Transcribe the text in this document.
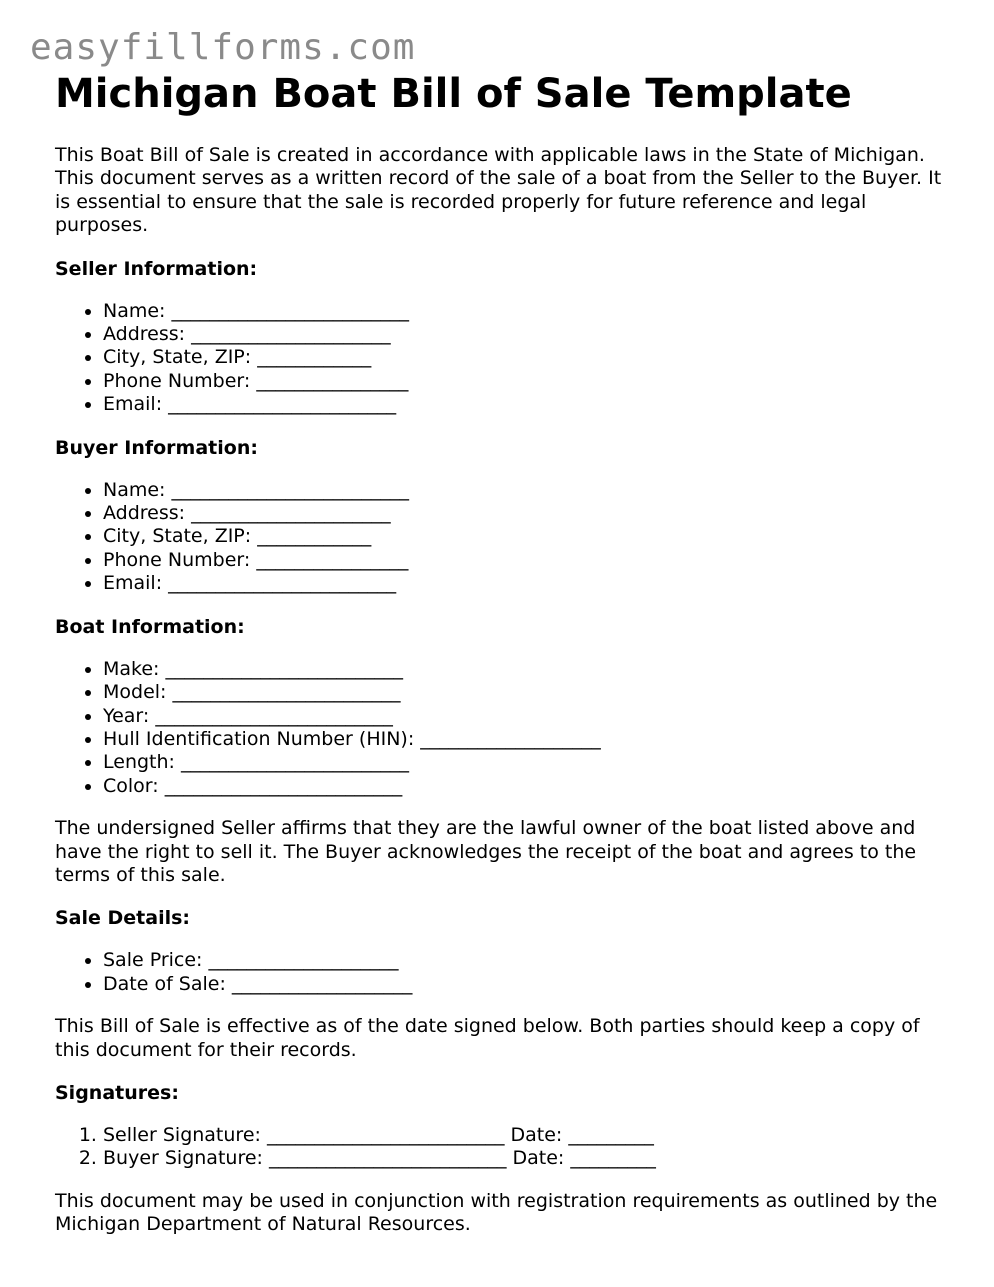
easyfillforms.com
Michigan Boat Bill of Sale Template

This Boat Bill of Sale is created in accordance with applicable laws in the State of Michigan. This document serves as a written record of the sale of a boat from the Seller to the Buyer. It is essential to ensure that the sale is recorded properly for future reference and legal purposes.

Seller Information:
• Name: _________________________
• Address: _____________________
• City, State, ZIP: ____________
• Phone Number: ________________
• Email: ________________________
Buyer Information:
• Name: _________________________
• Address: _____________________
• City, State, ZIP: ____________
• Phone Number: ________________
• Email: ________________________
Boat Information:
• Make: _________________________
• Model: ________________________
• Year: _________________________
• Hull Identification Number (HIN): ___________________
• Length: ________________________
• Color: _________________________

The undersigned Seller affirms that they are the lawful owner of the boat listed above and have the right to sell it. The Buyer acknowledges the receipt of the boat and agrees to the terms of this sale.

Sale Details:
• Sale Price: ____________________
• Date of Sale: ___________________

This Bill of Sale is effective as of the date signed below. Both parties should keep a copy of this document for their records.

Signatures:
1. Seller Signature: _________________________ Date: _________
2. Buyer Signature: _________________________ Date: _________

This document may be used in conjunction with registration requirements as outlined by the Michigan Department of Natural Resources.
